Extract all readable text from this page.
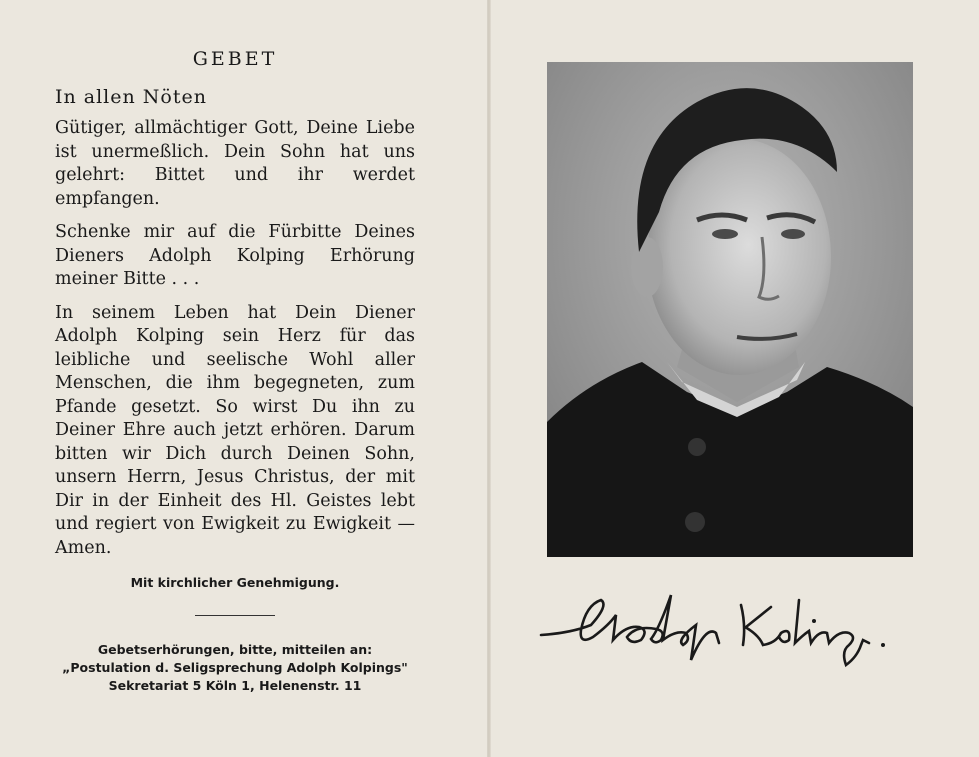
GEBET
In allen Nöten

Gütiger, allmächtiger Gott, Deine Liebe ist unermeßlich. Dein Sohn hat uns gelehrt: Bittet und ihr werdet empfangen.

Schenke mir auf die Fürbitte Deines Dieners Adolph Kolping Erhörung meiner Bitte . . .

In seinem Leben hat Dein Diener Adolph Kolping sein Herz für das leibliche und seelische Wohl aller Menschen, die ihm begegneten, zum Pfande gesetzt. So wirst Du ihn zu Deiner Ehre auch jetzt erhören. Darum bitten wir Dich durch Deinen Sohn, unsern Herrn, Jesus Christus, der mit Dir in der Einheit des Hl. Geistes lebt und regiert von Ewigkeit zu Ewigkeit — Amen.

Mit kirchlicher Genehmigung.
Gebetserhörungen, bitte, mitteilen an:
„Postulation d. Seligsprechung Adolph Kolpings"
Sekretariat 5 Köln 1, Helenenstr. 11
